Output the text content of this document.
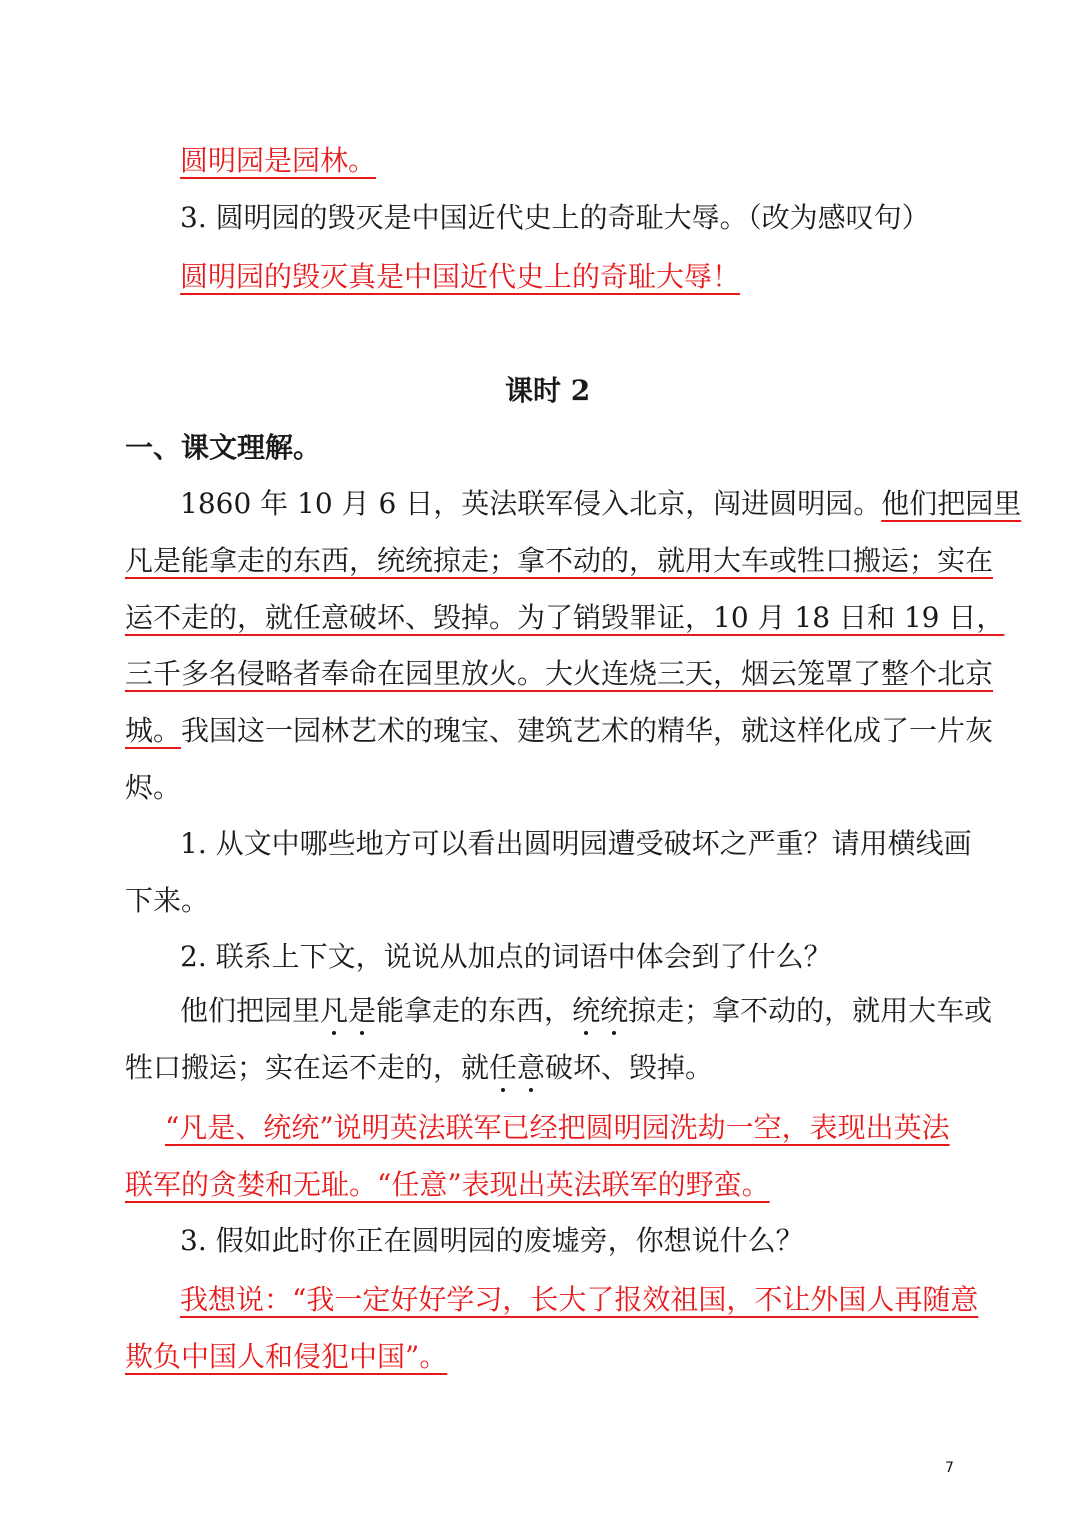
圆明园是园林。
3. 圆明园的毁灭是中国近代史上的奇耻大辱。（改为感叹句）
圆明园的毁灭真是中国近代史上的奇耻大辱！
课时 2
一、课文理解。
1860 年 10 月 6 日，英法联军侵入北京，闯进圆明园。他们把园里
凡是能拿走的东西，统统掠走；拿不动的，就用大车或牲口搬运；实在
运不走的，就任意破坏、毁掉。为了销毁罪证，10 月 18 日和 19 日，
三千多名侵略者奉命在园里放火。大火连烧三天，烟云笼罩了整个北京
城。我国这一园林艺术的瑰宝、建筑艺术的精华，就这样化成了一片灰
烬。
1. 从文中哪些地方可以看出圆明园遭受破坏之严重？请用横线画
下来。
2. 联系上下文，说说从加点的词语中体会到了什么？
他们把园里凡是能拿走的东西，统统掠走；拿不动的，就用大车或
牲口搬运；实在运不走的，就任意破坏、毁掉。
“凡是、统统”说明英法联军已经把圆明园洗劫一空，表现出英法
联军的贪婪和无耻。“任意”表现出英法联军的野蛮。
3. 假如此时你正在圆明园的废墟旁，你想说什么？
我想说：“我一定好好学习，长大了报效祖国，不让外国人再随意
欺负中国人和侵犯中国”。
7
